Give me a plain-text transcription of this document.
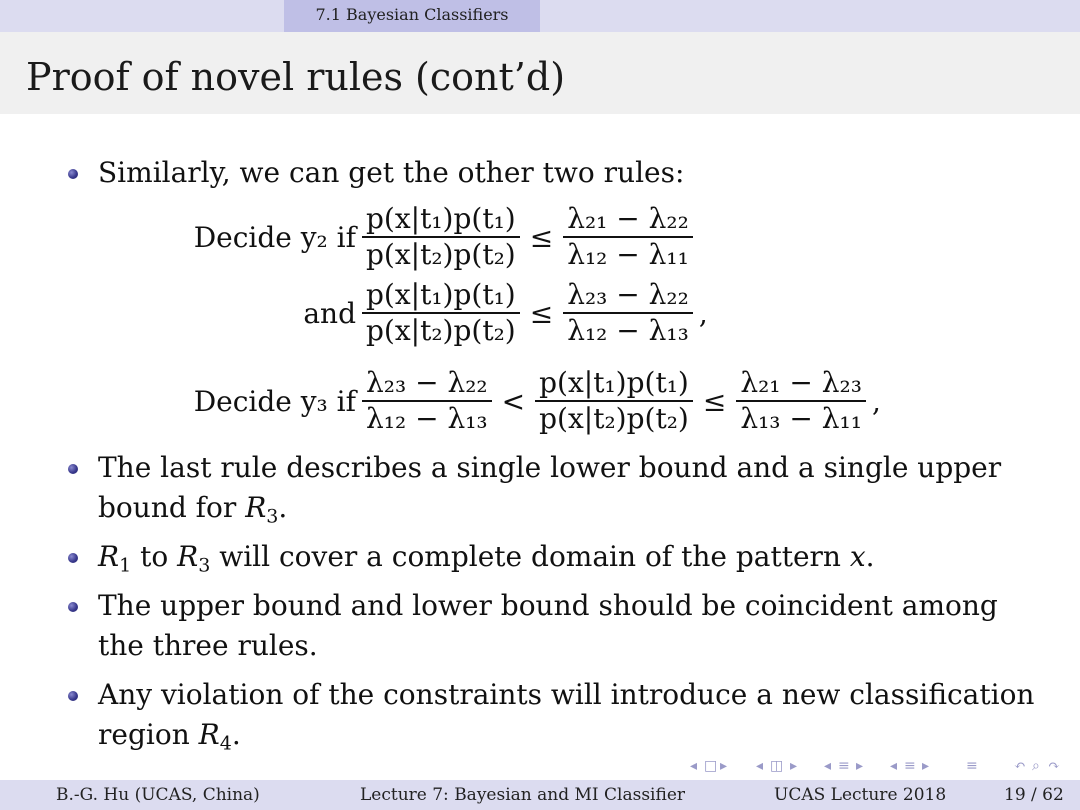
7.1 Bayesian Classifiers
Proof of novel rules (cont’d)
Similarly, we can get the other two rules:
Decide y₂ if $\frac{\text{p(x|t₁)p(t₁)}}{\text{p(x|t₂)p(t₂)}} \le \frac{\text{λ₂₁ − λ₂₂}}{\text{λ₁₂ − λ₁₁}}$
and $\frac{\text{p(x|t₁)p(t₁)}}{\text{p(x|t₂)p(t₂)}} \le \frac{\text{λ₂₃ − λ₂₂}}{\text{λ₁₂ − λ₁₃}}$ ,
Decide y₃ if $\frac{\text{λ₂₃ − λ₂₂}}{\text{λ₁₂ − λ₁₃}} < \frac{\text{p(x|t₁)p(t₁)}}{\text{p(x|t₂)p(t₂)}} \le \frac{\text{λ₂₁ − λ₂₃}}{\text{λ₁₃ − λ₁₁}}$ ,
The last rule describes a single lower bound and a single upper bound for $R_3$.
$R_1$ to $R_3$ will cover a complete domain of the pattern x.
The upper bound and lower bound should be coincident among the three rules.
Any violation of the constraints will introduce a new classification region $R_4$.
◂ □ ▸ ◂ ◫ ▸ ◂ ≡ ▸ ◂ ≡ ▸	≡	↶ ⌕ ↷
B.-G. Hu (UCAS, China)	Lecture 7: Bayesian and MI Classifier	UCAS Lecture 2018	19 / 62
